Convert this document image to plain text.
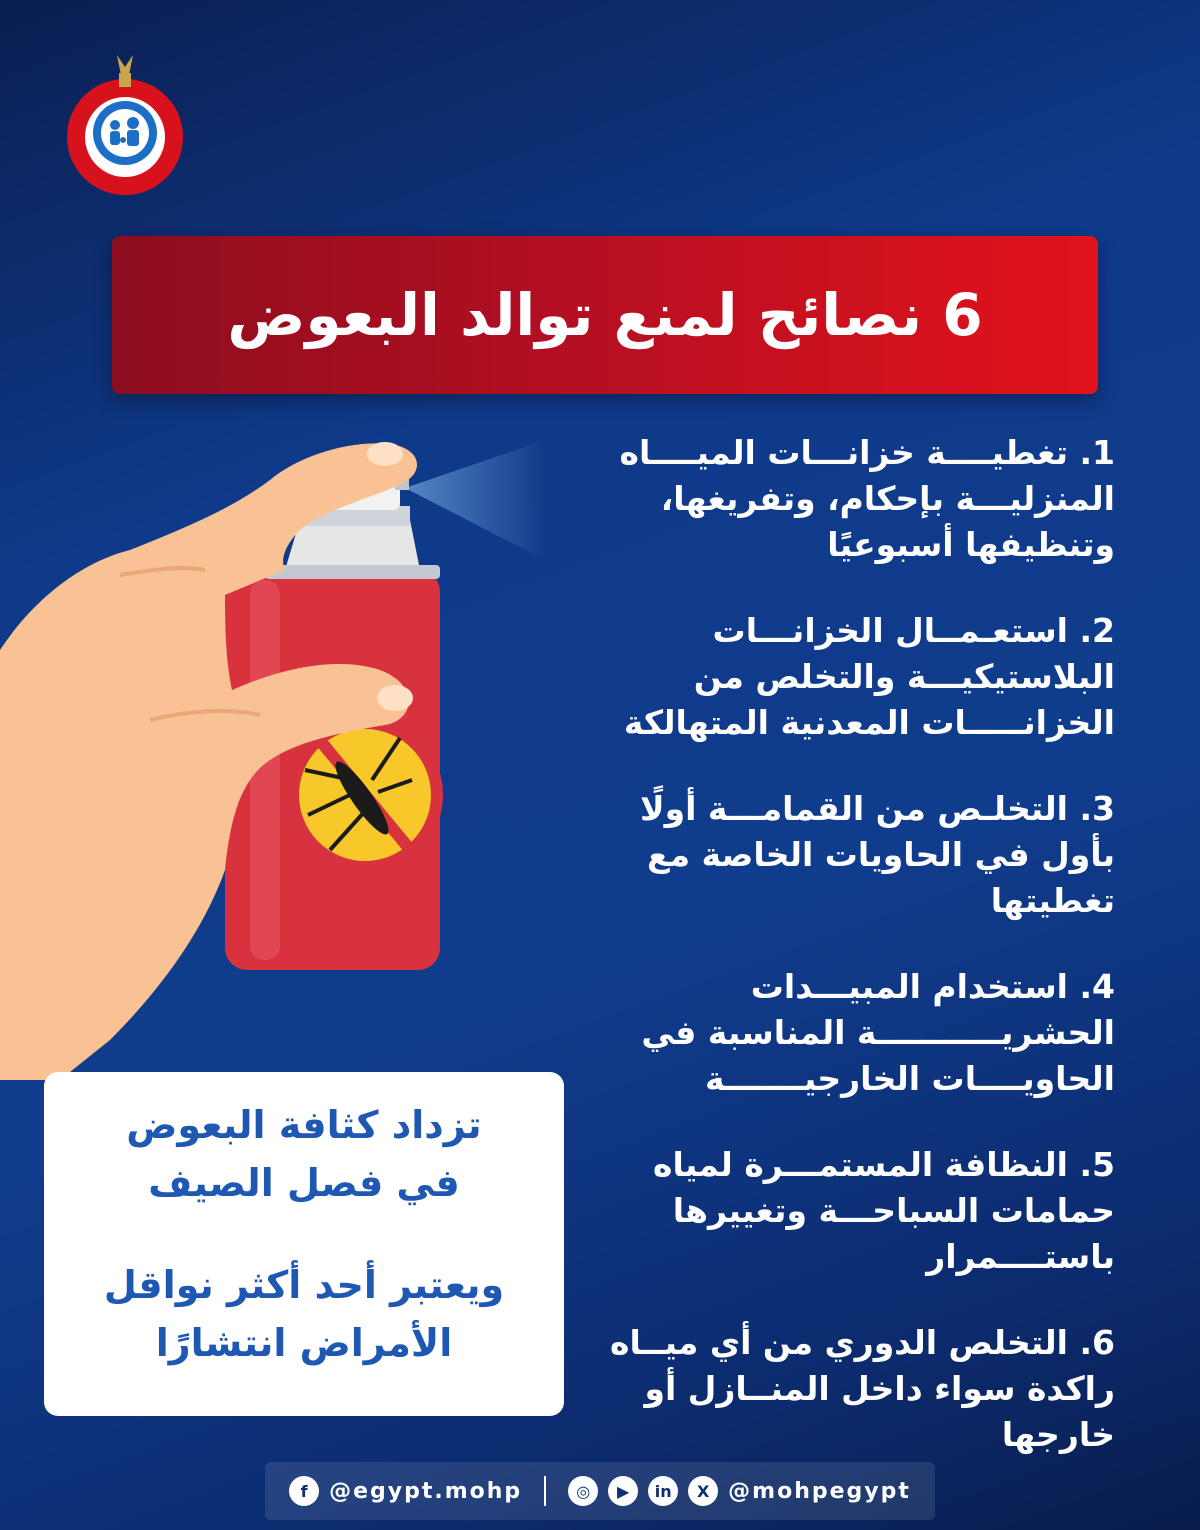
6 نصائح لمنع توالد البعوض

1. تغطيــــة خزانـــات الميــــاه المنزليـــة بإحكام، وتفريغها، وتنظيفها أسبوعيًا

2. استعـمــال الخزانـــات البلاستيكيـــة والتخلص من الخزانـــــات المعدنية المتهالكة

3. التخلـص من القمامـــة أولًا بأول في الحاويات الخاصة مع تغطيتها

4. استخدام المبيـــدات الحشريـــــــــــة المناسبة في الحاويــــات الخارجيـــــــة

5. النظافة المستمـــرة لمياه حمامات السباحـــة وتغييرها باستــــمرار

6. التخلص الدوري من أي ميــاه راكدة سواء داخل المنــازل أو خارجها

تزداد كثافة البعوض

في فصل الصيف

ويعتبر أحد أكثر نواقل

الأمراض انتشارًا

f @egypt.mohp	◎	▶	in	X @mohpegypt
